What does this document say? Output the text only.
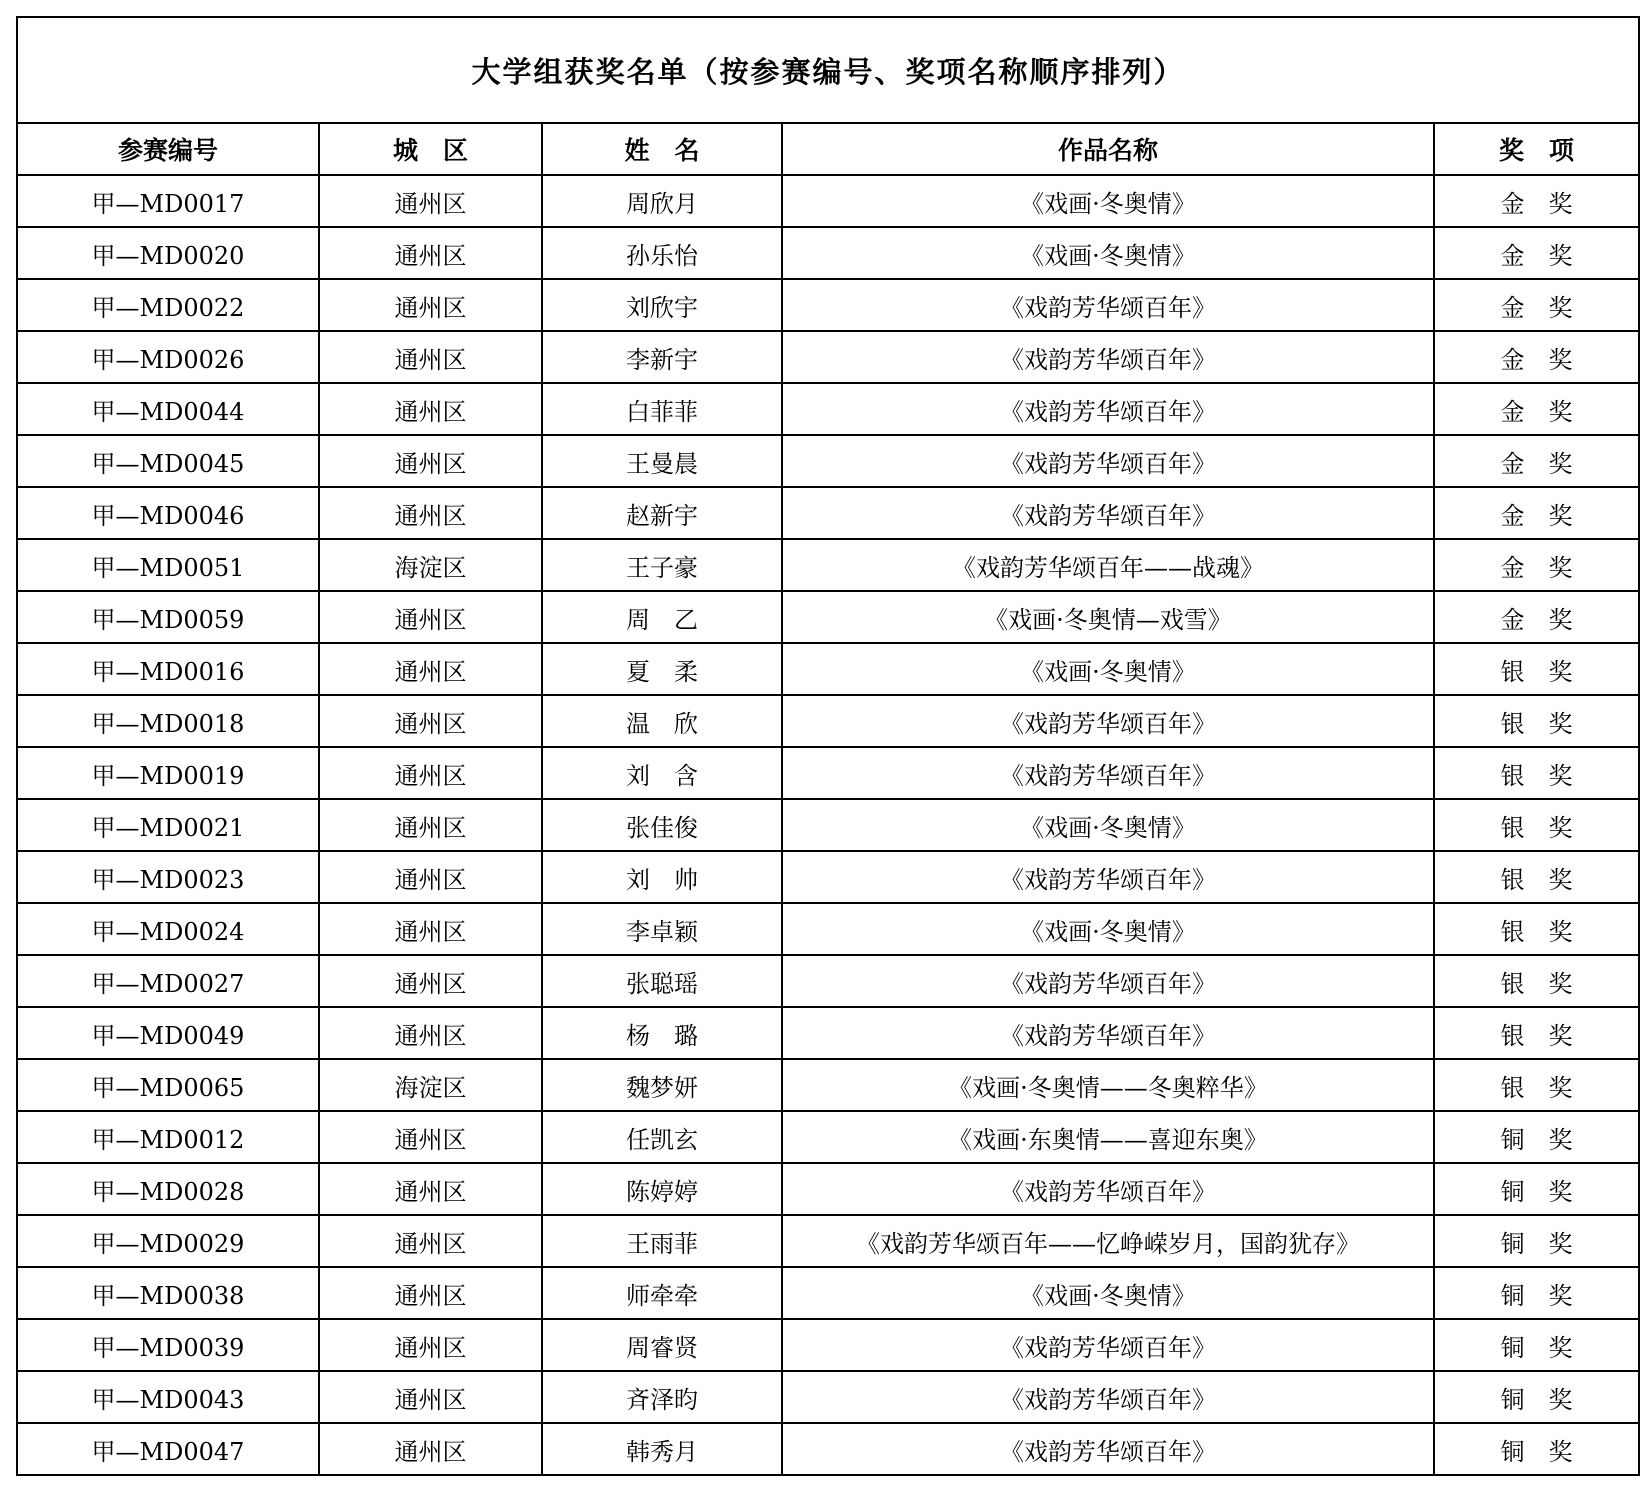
大学组获奖名单（按参赛编号、奖项名称顺序排列）				
参赛编号	城　区	姓　名	作品名称	奖　项
甲—MD0017	通州区	周欣月	《戏画·冬奥情》	金　奖
甲—MD0020	通州区	孙乐怡	《戏画·冬奥情》	金　奖
甲—MD0022	通州区	刘欣宇	《戏韵芳华颂百年》	金　奖
甲—MD0026	通州区	李新宇	《戏韵芳华颂百年》	金　奖
甲—MD0044	通州区	白菲菲	《戏韵芳华颂百年》	金　奖
甲—MD0045	通州区	王曼晨	《戏韵芳华颂百年》	金　奖
甲—MD0046	通州区	赵新宇	《戏韵芳华颂百年》	金　奖
甲—MD0051	海淀区	王子豪	《戏韵芳华颂百年——战魂》	金　奖
甲—MD0059	通州区	周　乙	《戏画·冬奥情—戏雪》	金　奖
甲—MD0016	通州区	夏　柔	《戏画·冬奥情》	银　奖
甲—MD0018	通州区	温　欣	《戏韵芳华颂百年》	银　奖
甲—MD0019	通州区	刘　含	《戏韵芳华颂百年》	银　奖
甲—MD0021	通州区	张佳俊	《戏画·冬奥情》	银　奖
甲—MD0023	通州区	刘　帅	《戏韵芳华颂百年》	银　奖
甲—MD0024	通州区	李卓颖	《戏画·冬奥情》	银　奖
甲—MD0027	通州区	张聪瑶	《戏韵芳华颂百年》	银　奖
甲—MD0049	通州区	杨　璐	《戏韵芳华颂百年》	银　奖
甲—MD0065	海淀区	魏梦妍	《戏画·冬奥情——冬奥粹华》	银　奖
甲—MD0012	通州区	任凯玄	《戏画·东奥情——喜迎东奥》	铜　奖
甲—MD0028	通州区	陈婷婷	《戏韵芳华颂百年》	铜　奖
甲—MD0029	通州区	王雨菲	《戏韵芳华颂百年——忆峥嵘岁月，国韵犹存》	铜　奖
甲—MD0038	通州区	师牵牵	《戏画·冬奥情》	铜　奖
甲—MD0039	通州区	周睿贤	《戏韵芳华颂百年》	铜　奖
甲—MD0043	通州区	斉泽昀	《戏韵芳华颂百年》	铜　奖
甲—MD0047	通州区	韩秀月	《戏韵芳华颂百年》	铜　奖
